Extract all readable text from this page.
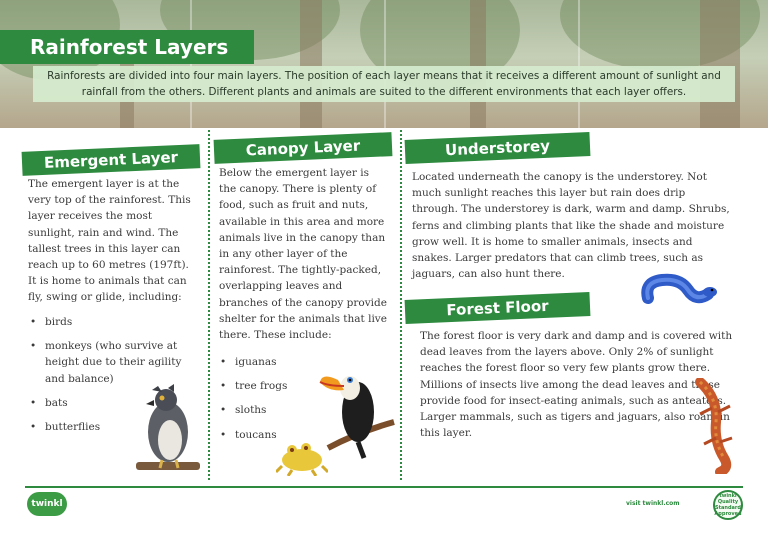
Rainforest Layers
Rainforests are divided into four main layers. The position of each layer means that it receives a different amount of sunlight and rainfall from the others. Different plants and animals are suited to the different environments that each layer offers.
Emergent Layer
The emergent layer is at the very top of the rainforest. This layer receives the most sunlight, rain and wind. The tallest trees in this layer can reach up to 60 metres (197ft). It is home to animals that can fly, swing or glide, including:
• birds
• monkeys (who survive at height due to their agility and balance)
• bats
• butterflies
Canopy Layer
Below the emergent layer is the canopy. There is plenty of food, such as fruit and nuts, available in this area and more animals live in the canopy than in any other layer of the rainforest. The tightly-packed, overlapping leaves and branches of the canopy provide shelter for the animals that live there. These include:
• iguanas
• tree frogs
• sloths
• toucans
Understorey
Located underneath the canopy is the understorey. Not much sunlight reaches this layer but rain does drip through. The understorey is dark, warm and damp. Shrubs, ferns and climbing plants that like the shade and moisture grow well. It is home to smaller animals, insects and snakes. Larger predators that can climb trees, such as jaguars, can also hunt there.
Forest Floor
The forest floor is very dark and damp and is covered with dead leaves from the layers above. Only 2% of sunlight reaches the forest floor so very few plants grow there. Millions of insects live among the dead leaves and these provide food for insect-eating animals, such as anteaters. Larger mammals, such as tigers and jaguars, also roam in this layer.
twinkl	visit twinkl.com
twinkl Quality Standard Approved
